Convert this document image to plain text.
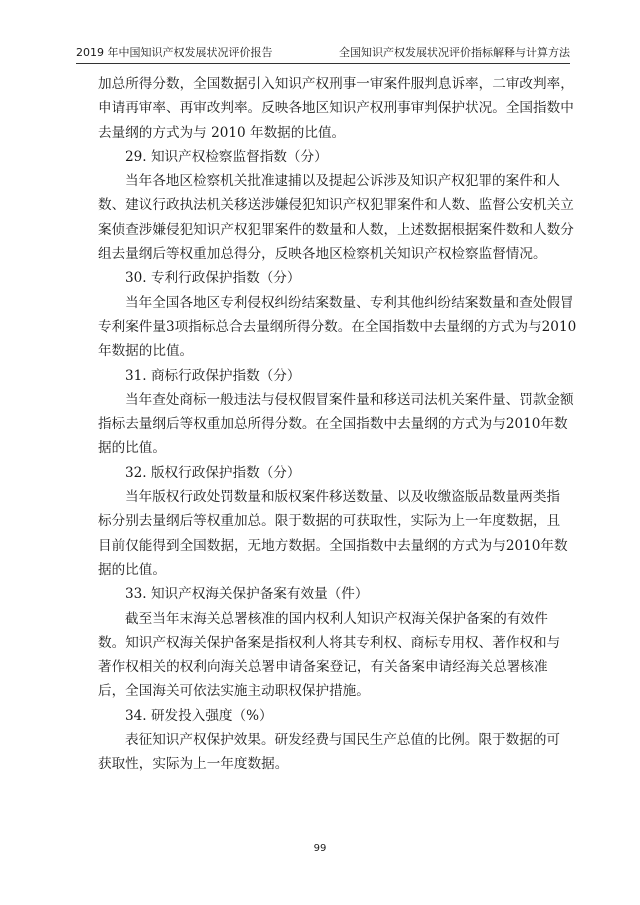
2019 年中国知识产权发展状况评价报告	全国知识产权发展状况评价指标解释与计算方法
加 总 所 得 分 数 ， 全 国 数 据 引 入 知 识 产 权 刑 事 一 审 案 件 服 判 息 诉 率 ， 二 审 改 判 率 ，
申 请 再 审 率 、 再 审 改 判 率 。 反 映 各 地 区 知 识 产 权 刑 事 审 判 保 护 状 况 。 全 国 指 数 中
去量纲的方式为与 2010 年数据的比值。
29. 知识产权检察监督指数（分）
当 年 各 地 区 检 察 机 关 批 准 逮 捕 以 及 提 起 公 诉 涉 及 知 识 产 权 犯 罪 的 案 件 和 人
数 、 建 议 行 政 执 法 机 关 移 送 涉 嫌 侵 犯 知 识 产 权 犯 罪 案 件 和 人 数 、 监 督 公 安 机 关 立
案 侦 查 涉 嫌 侵 犯 知 识 产 权 犯 罪 案 件 的 数 量 和 人 数 ， 上 述 数 据 根 据 案 件 数 和 人 数 分
组去量纲后等权重加总得分，反映各地区检察机关知识产权检察监督情况。
30. 专利行政保护指数（分）
当 年 全 国 各 地 区 专 利 侵 权 纠 纷 结 案 数 量 、 专 利 其 他 纠 纷 结 案 数 量 和 查 处 假 冒
专 利 案 件 量 3 项 指 标 总 合 去 量 纲 所 得 分 数 。 在 全 国 指 数 中 去 量 纲 的 方 式 为 与 2010
年数据的比值。
31. 商标行政保护指数（分）
当 年 查 处 商 标 一 般 违 法 与 侵 权 假 冒 案 件 量 和 移 送 司 法 机 关 案 件 量 、 罚 款 金 额
指 标 去 量 纲 后 等 权 重 加 总 所 得 分 数 。 在 全 国 指 数 中 去 量 纲 的 方 式 为 与 2010 年 数
据的比值。
32. 版权行政保护指数（分）
当 年 版 权 行 政 处 罚 数 量 和 版 权 案 件 移 送 数 量 、 以 及 收 缴 盗 版 品 数 量 两 类 指
标 分 别 去 量 纲 后 等 权 重 加 总 。 限 于 数 据 的 可 获 取 性 ， 实 际 为 上 一 年 度 数 据 ， 且
目 前 仅 能 得 到 全 国 数 据 ， 无 地 方 数 据 。 全 国 指 数 中 去 量 纲 的 方 式 为 与 2010 年 数
据的比值。
33. 知识产权海关保护备案有效量（件）
截 至 当 年 末 海 关 总 署 核 准 的 国 内 权 利 人 知 识 产 权 海 关 保 护 备 案 的 有 效 件
数 。 知 识 产 权 海 关 保 护 备 案 是 指 权 利 人 将 其 专 利 权 、 商 标 专 用 权 、 著 作 权 和 与
著 作 权 相 关 的 权 利 向 海 关 总 署 申 请 备 案 登 记 ， 有 关 备 案 申 请 经 海 关 总 署 核 准
后，全国海关可依法实施主动职权保护措施。
34. 研发投入强度（%）
表 征 知 识 产 权 保 护 效 果 。 研 发 经 费 与 国 民 生 产 总 值 的 比 例 。 限 于 数 据 的 可
获取性，实际为上一年度数据。
99
